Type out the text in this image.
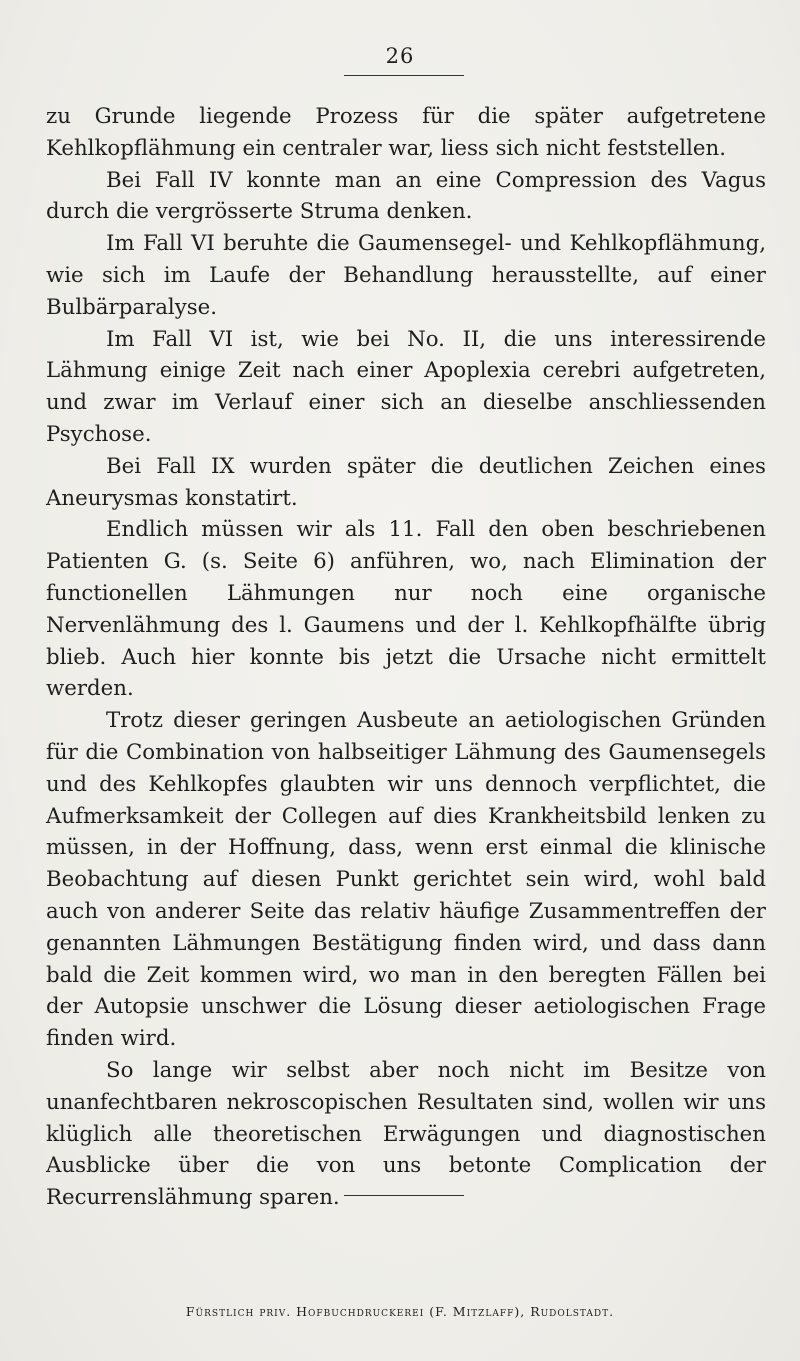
26

zu Grunde liegende Prozess für die später aufgetretene Kehlkopflähmung ein centraler war, liess sich nicht feststellen.

Bei Fall IV konnte man an eine Compression des Vagus durch die vergrösserte Struma denken.

Im Fall VI beruhte die Gaumensegel- und Kehlkopflähmung, wie sich im Laufe der Behandlung herausstellte, auf einer Bulbärparalyse.

Im Fall VI ist, wie bei No. II, die uns interessirende Lähmung einige Zeit nach einer Apoplexia cerebri aufgetreten, und zwar im Verlauf einer sich an dieselbe anschliessenden Psychose.

Bei Fall IX wurden später die deutlichen Zeichen eines Aneurysmas konstatirt.

Endlich müssen wir als 11. Fall den oben beschriebenen Patienten G. (s. Seite 6) anführen, wo, nach Elimination der functionellen Lähmungen nur noch eine organische Nervenlähmung des l. Gaumens und der l. Kehlkopfhälfte übrig blieb. Auch hier konnte bis jetzt die Ursache nicht ermittelt werden.

Trotz dieser geringen Ausbeute an aetiologischen Gründen für die Combination von halbseitiger Lähmung des Gaumensegels und des Kehlkopfes glaubten wir uns dennoch verpflichtet, die Aufmerksamkeit der Collegen auf dies Krankheitsbild lenken zu müssen, in der Hoffnung, dass, wenn erst einmal die klinische Beobachtung auf diesen Punkt gerichtet sein wird, wohl bald auch von anderer Seite das relativ häufige Zusammentreffen der genannten Lähmungen Bestätigung finden wird, und dass dann bald die Zeit kommen wird, wo man in den beregten Fällen bei der Autopsie unschwer die Lösung dieser aetiologischen Frage finden wird.

So lange wir selbst aber noch nicht im Besitze von unanfechtbaren nekroscopischen Resultaten sind, wollen wir uns klüglich alle theoretischen Erwägungen und diagnostischen Ausblicke über die von uns betonte Complication der Recurrenslähmung sparen.

Fürstlich priv. Hofbuchdruckerei (F. Mitzlaff), Rudolstadt.
